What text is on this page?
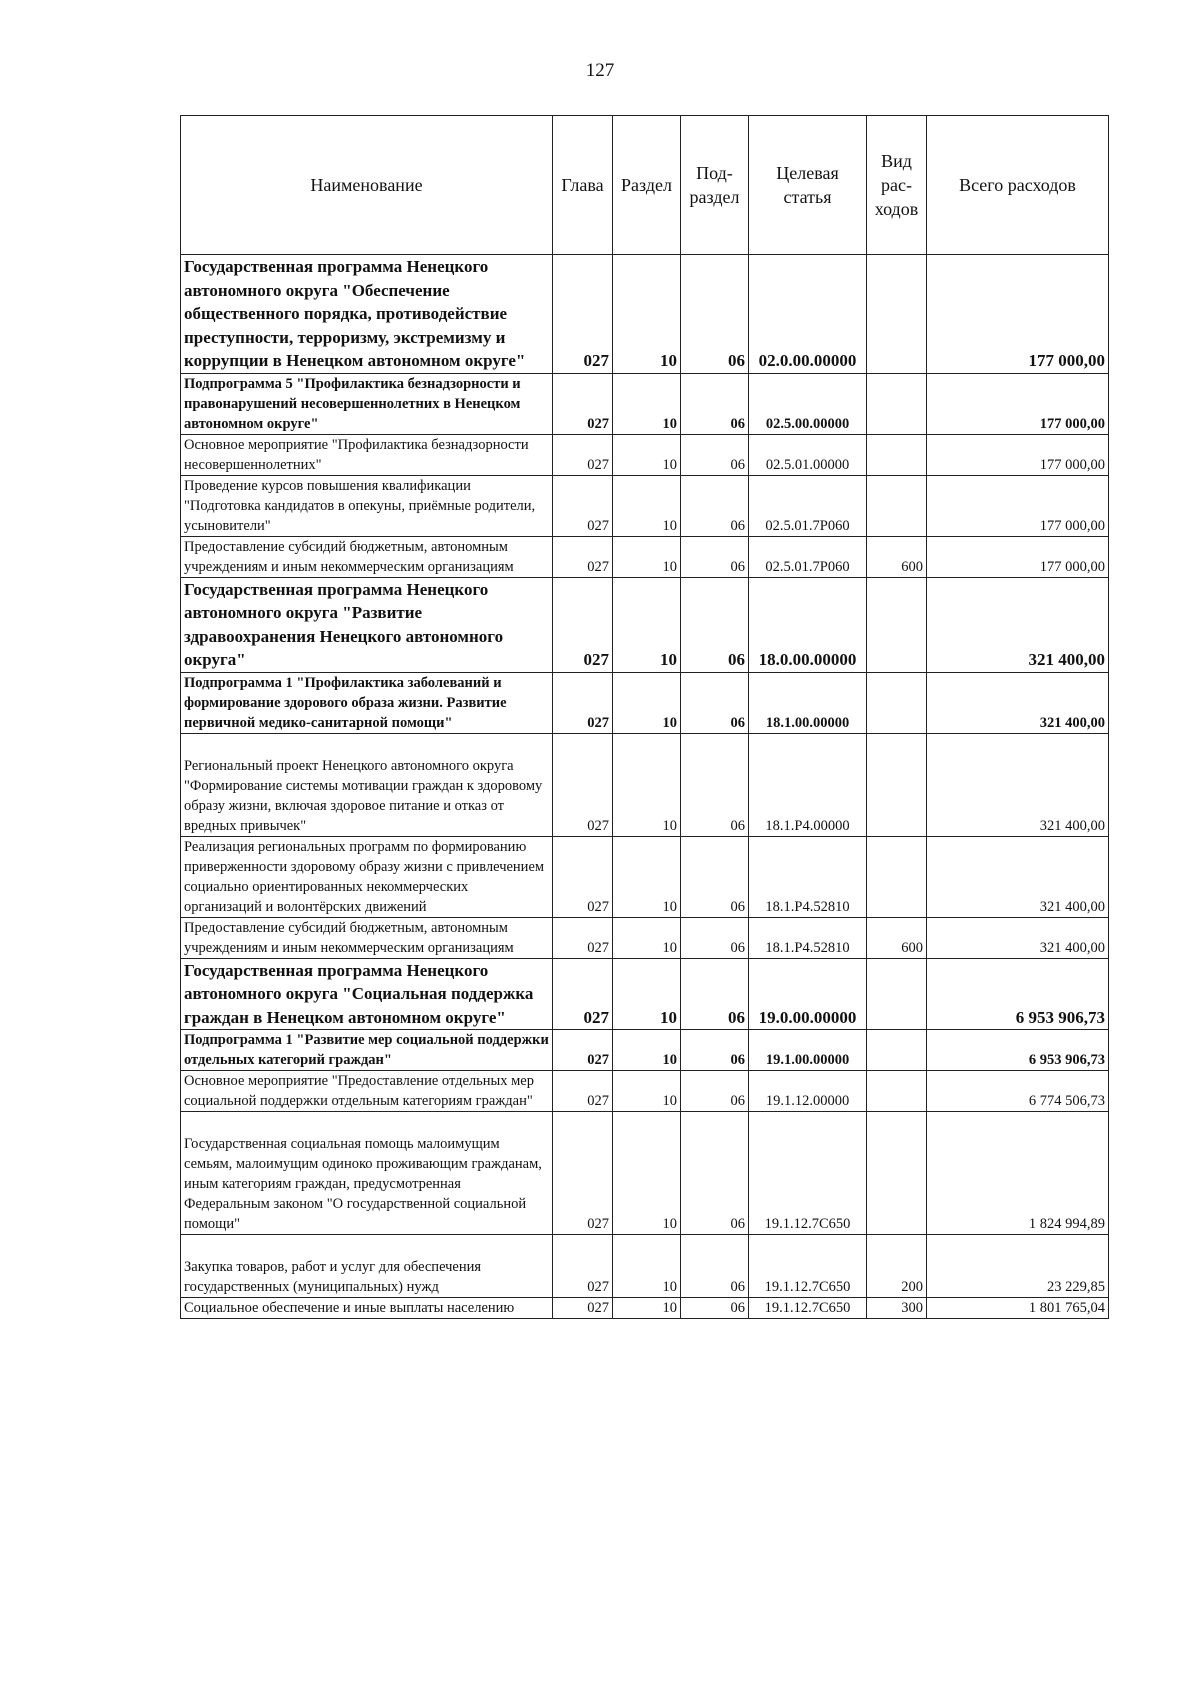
127
Наименование	Глава	Раздел	Под-раздел	Целевая статья	Вид рас-ходов	Всего расходов
Государственная программа Ненецкого автономного округа "Обеспечение общественного порядка, противодействие преступности, терроризму, экстремизму и коррупции в Ненецком автономном округе"	027	10	06	02.0.00.00000		177 000,00
Подпрограмма 5 "Профилактика безнадзорности и правонарушений несовершеннолетних в Ненецком автономном округе"	027	10	06	02.5.00.00000		177 000,00
Основное мероприятие "Профилактика безнадзорности несовершеннолетних"	027	10	06	02.5.01.00000		177 000,00
Проведение курсов повышения квалификации "Подготовка кандидатов в опекуны, приёмные родители, усыновители"	027	10	06	02.5.01.7Р060		177 000,00
Предоставление субсидий бюджетным, автономным учреждениям и иным некоммерческим организациям	027	10	06	02.5.01.7Р060	600	177 000,00
Государственная программа Ненецкого автономного округа "Развитие здравоохранения Ненецкого автономного округа"	027	10	06	18.0.00.00000		321 400,00
Подпрограмма 1 "Профилактика заболеваний и формирование здорового образа жизни. Развитие первичной медико-санитарной помощи"	027	10	06	18.1.00.00000		321 400,00
Региональный проект Ненецкого автономного округа "Формирование системы мотивации граждан к здоровому образу жизни, включая здоровое питание и отказ от вредных привычек"	027	10	06	18.1.Р4.00000		321 400,00
Реализация региональных программ по формированию приверженности здоровому образу жизни с привлечением социально ориентированных некоммерческих организаций и волонтёрских движений	027	10	06	18.1.Р4.52810		321 400,00
Предоставление субсидий бюджетным, автономным учреждениям и иным некоммерческим организациям	027	10	06	18.1.Р4.52810	600	321 400,00
Государственная программа Ненецкого автономного округа "Социальная поддержка граждан в Ненецком автономном округе"	027	10	06	19.0.00.00000		6 953 906,73
Подпрограмма 1 "Развитие мер социальной поддержки отдельных категорий граждан"	027	10	06	19.1.00.00000		6 953 906,73
Основное мероприятие "Предоставление отдельных мер социальной поддержки отдельным категориям граждан"	027	10	06	19.1.12.00000		6 774 506,73
Государственная социальная помощь малоимущим семьям, малоимущим одиноко проживающим гражданам, иным категориям граждан, предусмотренная Федеральным законом "О государственной социальной помощи"	027	10	06	19.1.12.7С650		1 824 994,89
Закупка товаров, работ и услуг для обеспечения государственных (муниципальных) нужд	027	10	06	19.1.12.7С650	200	23 229,85
Социальное обеспечение и иные выплаты населению	027	10	06	19.1.12.7С650	300	1 801 765,04
